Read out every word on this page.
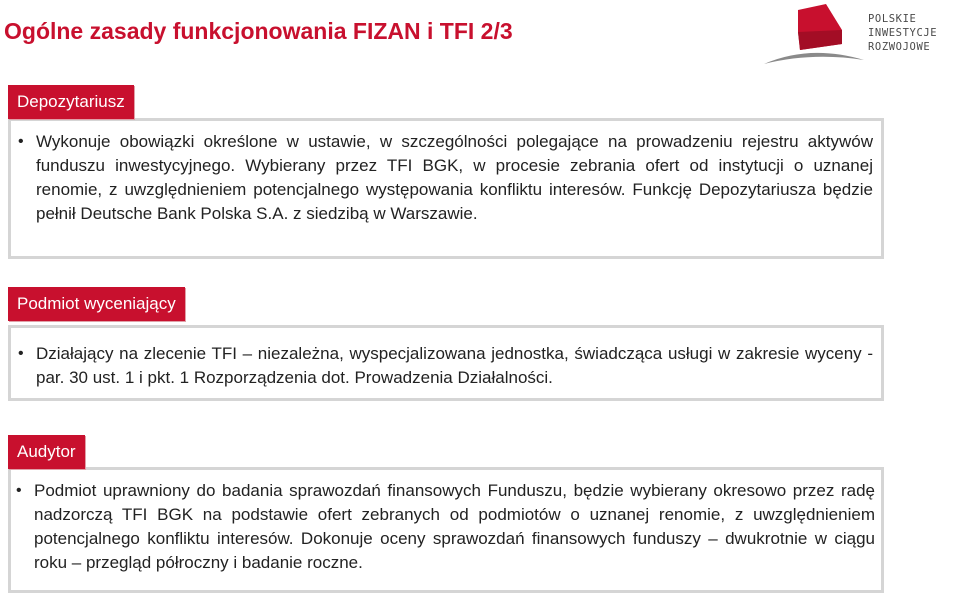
Ogólne zasady funkcjonowania FIZAN i TFI 2/3	POLSKIE
INWESTYCJE
ROZWOJOWE
• Wykonuje obowiązki określone w ustawie, w szczególności polegające na prowadzeniu rejestru aktywów funduszu inwestycyjnego. Wybierany przez TFI BGK, w procesie zebrania ofert od instytucji o uznanej renomie, z uwzględnieniem potencjalnego występowania konfliktu interesów. Funkcję Depozytariusza będzie pełnił Deutsche Bank Polska S.A. z siedzibą w Warszawie.
Depozytariusz
• Działający na zlecenie TFI – niezależna, wyspecjalizowana jednostka, świadcząca usługi w zakresie wyceny - par. 30 ust. 1 i pkt. 1 Rozporządzenia dot. Prowadzenia Działalności.
Podmiot wyceniający
• Podmiot uprawniony do badania sprawozdań finansowych Funduszu, będzie wybierany okresowo przez radę nadzorczą TFI BGK na podstawie ofert zebranych od podmiotów o uznanej renomie, z uwzględnieniem potencjalnego konfliktu interesów. Dokonuje oceny sprawozdań finansowych funduszy – dwukrotnie w ciągu roku – przegląd półroczny i badanie roczne.
Audytor
